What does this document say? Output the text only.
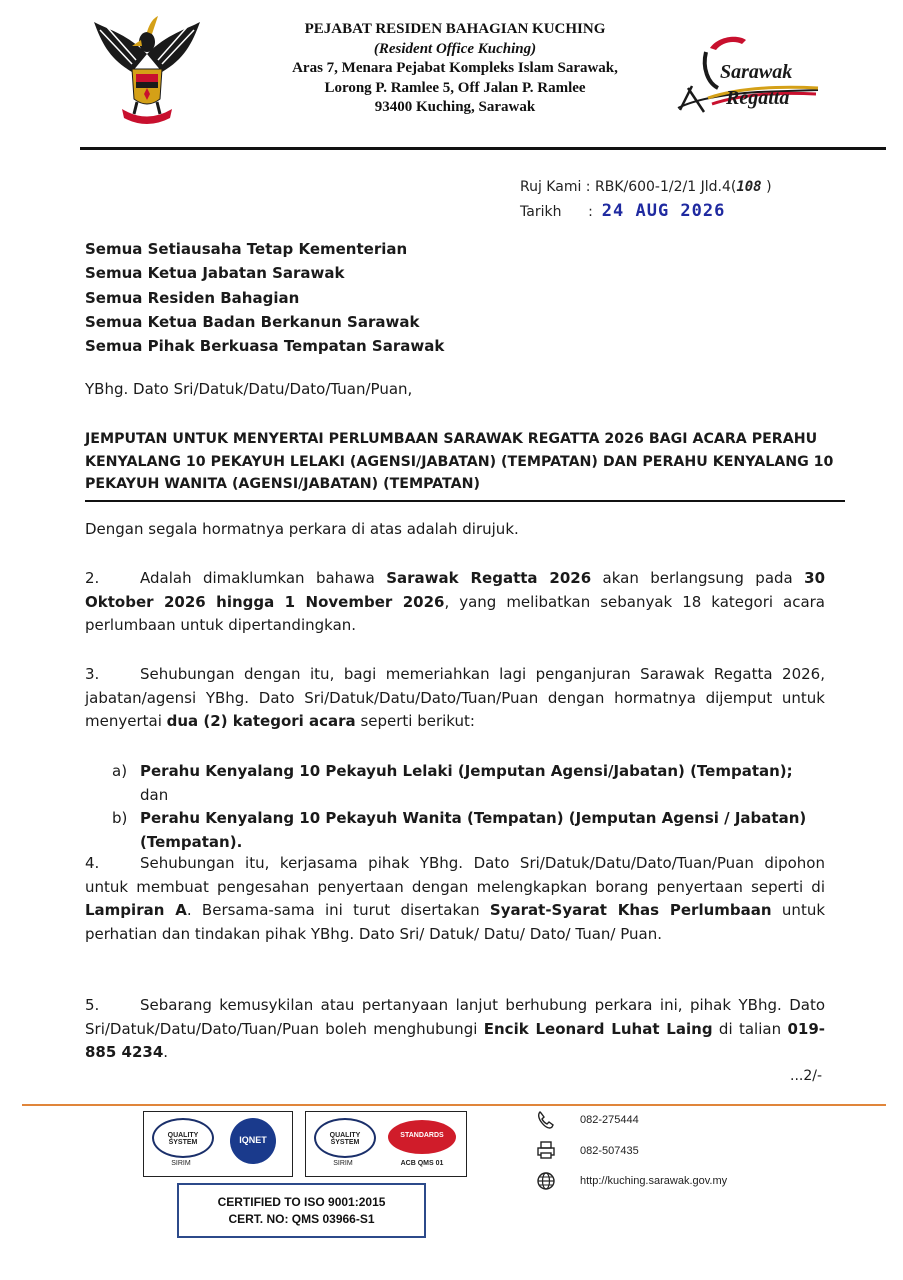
PEJABAT RESIDEN BAHAGIAN KUCHING
(Resident Office Kuching)
Aras 7, Menara Pejabat Kompleks Islam Sarawak,
Lorong P. Ramlee 5, Off Jalan P. Ramlee
93400 Kuching, Sarawak
Sarawak
Regatta
Ruj Kami : RBK/600-1/2/1 Jld.4(108 )
Tarikh      :  24 AUG 2026
Semua Setiausaha Tetap Kementerian
Semua Ketua Jabatan Sarawak
Semua Residen Bahagian
Semua Ketua Badan Berkanun Sarawak
Semua Pihak Berkuasa Tempatan Sarawak
YBhg. Dato Sri/Datuk/Datu/Dato/Tuan/Puan,
JEMPUTAN UNTUK MENYERTAI PERLUMBAAN SARAWAK REGATTA 2026 BAGI ACARA PERAHU KENYALANG 10 PEKAYUH LELAKI (AGENSI/JABATAN) (TEMPATAN) DAN PERAHU KENYALANG 10 PEKAYUH WANITA (AGENSI/JABATAN) (TEMPATAN)
Dengan segala hormatnya perkara di atas adalah dirujuk.
2.	Adalah dimaklumkan bahawa Sarawak Regatta 2026 akan berlangsung pada 30 Oktober 2026 hingga 1 November 2026, yang melibatkan sebanyak 18 kategori acara perlumbaan untuk dipertandingkan.
3.	Sehubungan dengan itu, bagi memeriahkan lagi penganjuran Sarawak Regatta 2026, jabatan/agensi YBhg. Dato Sri/Datuk/Datu/Dato/Tuan/Puan dengan hormatnya dijemput untuk menyertai dua (2) kategori acara seperti berikut:
a) Perahu Kenyalang 10 Pekayuh Lelaki (Jemputan Agensi/Jabatan) (Tempatan); dan
b) Perahu Kenyalang 10 Pekayuh Wanita (Tempatan) (Jemputan Agensi / Jabatan) (Tempatan).
4.	Sehubungan itu, kerjasama pihak YBhg. Dato Sri/Datuk/Datu/Dato/Tuan/Puan dipohon untuk membuat pengesahan penyertaan dengan melengkapkan borang penyertaan seperti di Lampiran A. Bersama-sama ini turut disertakan Syarat-Syarat Khas Perlumbaan untuk perhatian dan tindakan pihak YBhg. Dato Sri/ Datuk/ Datu/ Dato/ Tuan/ Puan.
5.	Sebarang kemusykilan atau pertanyaan lanjut berhubung perkara ini, pihak YBhg. Dato Sri/Datuk/Datu/Dato/Tuan/Puan boleh menghubungi Encik Leonard Luhat Laing di talian 019-885 4234.
...2/-
QUALITY SYSTEM
SIRIM
IQNET	QUALITY SYSTEM
SIRIM
STANDARDS
ACB QMS 01
CERTIFIED TO ISO 9001:2015
CERT. NO: QMS 03966-S1
082-275444
082-507435
http://kuching.sarawak.gov.my
